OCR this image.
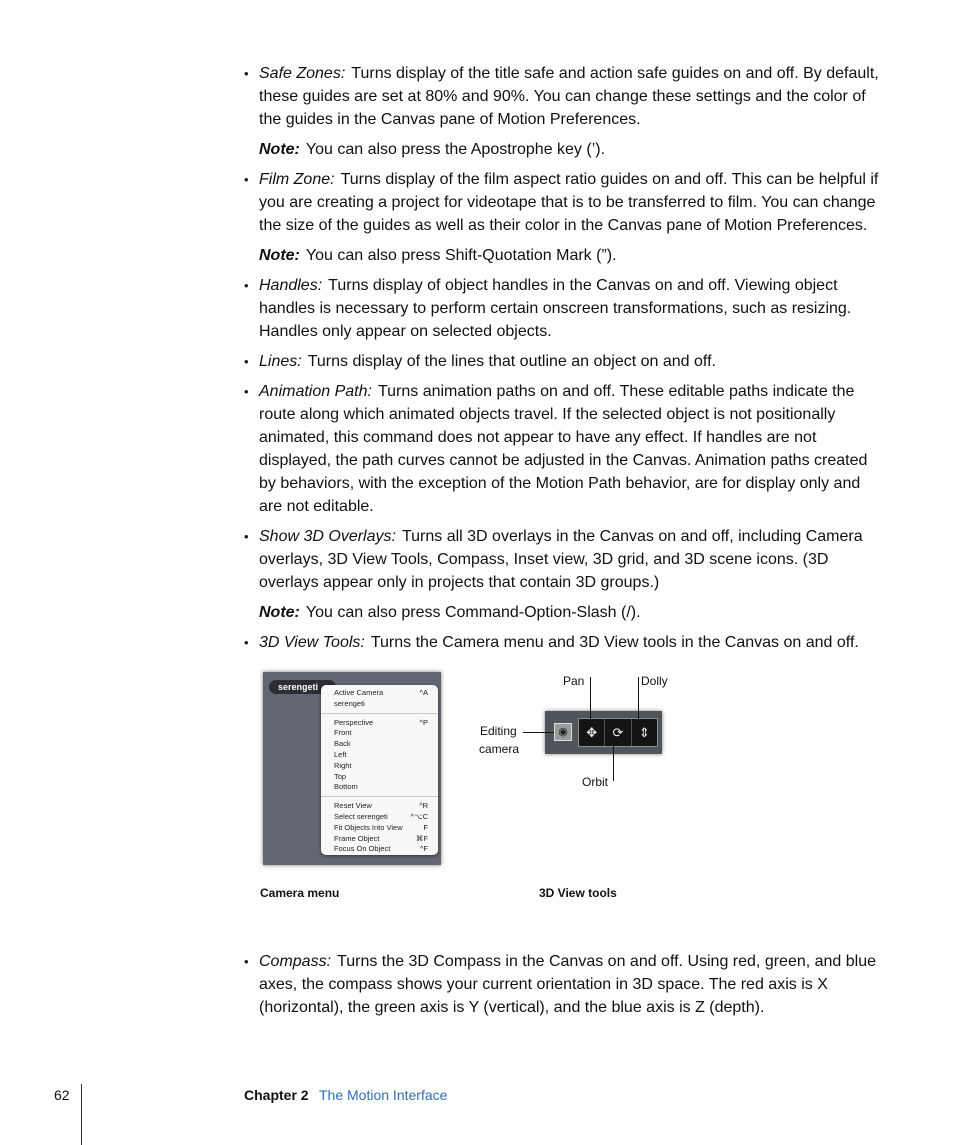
• Safe Zones: Turns display of the title safe and action safe guides on and off. By default, these guides are set at 80% and 90%. You can change these settings and the color of the guides in the Canvas pane of Motion Preferences.
Note: You can also press the Apostrophe key (’).
• Film Zone: Turns display of the film aspect ratio guides on and off. This can be helpful if you are creating a project for videotape that is to be transferred to film. You can change the size of the guides as well as their color in the Canvas pane of Motion Preferences.
Note: You can also press Shift-Quotation Mark (”).
• Handles: Turns display of object handles in the Canvas on and off. Viewing object handles is necessary to perform certain onscreen transformations, such as resizing. Handles only appear on selected objects.
• Lines: Turns display of the lines that outline an object on and off.
• Animation Path: Turns animation paths on and off. These editable paths indicate the route along which animated objects travel. If the selected object is not positionally animated, this command does not appear to have any effect. If handles are not displayed, the path curves cannot be adjusted in the Canvas. Animation paths created by behaviors, with the exception of the Motion Path behavior, are for display only and are not editable.
• Show 3D Overlays: Turns all 3D overlays in the Canvas on and off, including Camera overlays, 3D View Tools, Compass, Inset view, 3D grid, and 3D scene icons. (3D overlays appear only in projects that contain 3D groups.)
Note: You can also press Command-Option-Slash (/).
• 3D View Tools: Turns the Camera menu and 3D View tools in the Canvas on and off.
serengeti
Active Camera	^A
serengeti
Perspective	^P
Front
Back
Left
Right
Top
Bottom
Reset View	^R
Select serengeti	^⌥C
Fit Objects Into View	F
Frame Object	⌘F
Focus On Object	^F
◉	✥	⟳	⇕
Pan	Dolly
Editing
camera
Orbit
Camera menu	3D View tools
• Compass: Turns the 3D Compass in the Canvas on and off. Using red, green, and blue axes, the compass shows your current orientation in 3D space. The red axis is X (horizontal), the green axis is Y (vertical), and the blue axis is Z (depth).
62	Chapter 2 The Motion Interface
